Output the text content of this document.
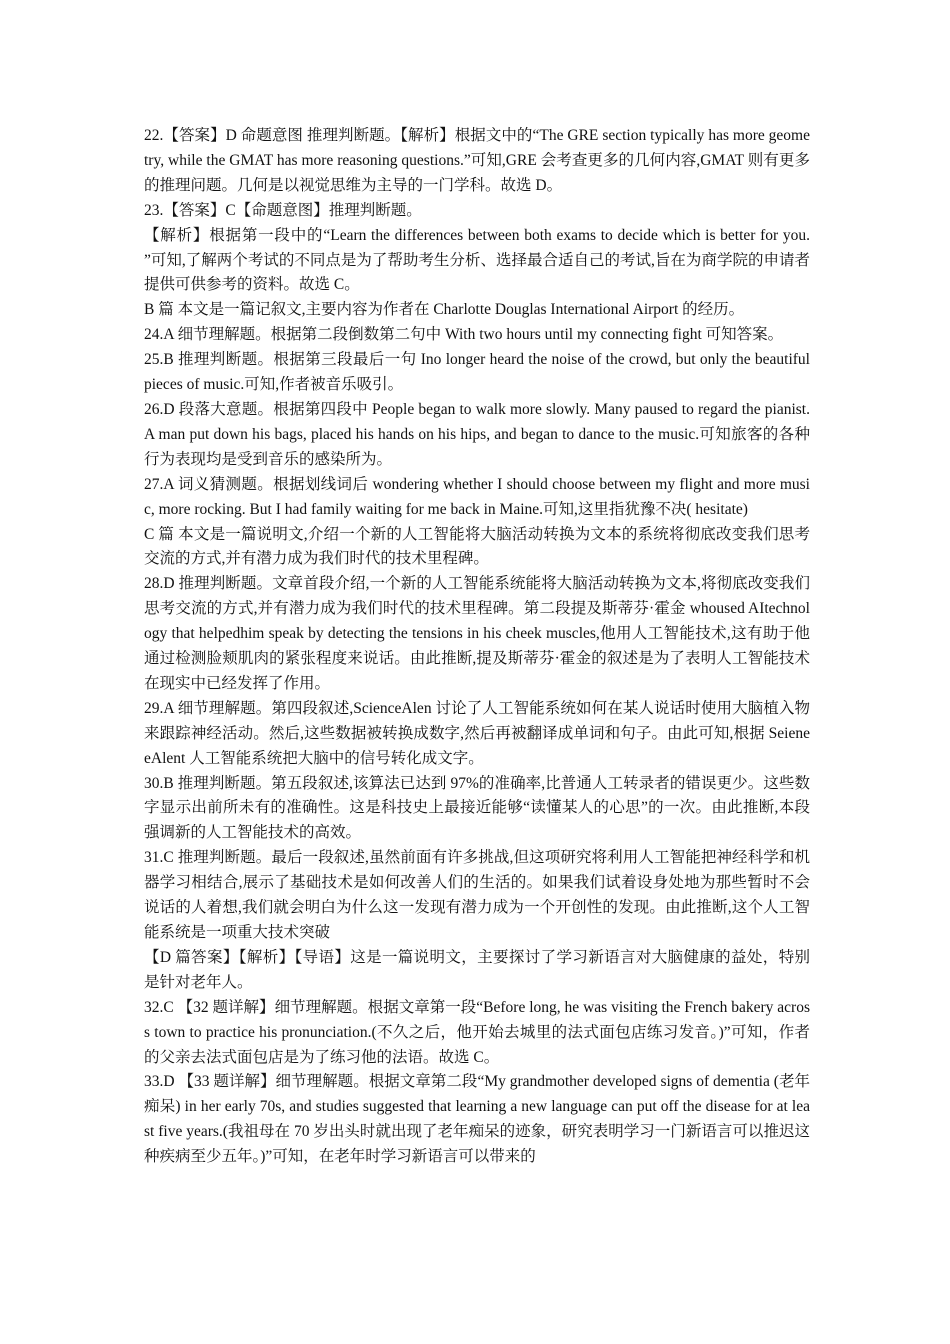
22.【答案】D 命题意图 推理判断题。【解析】根据文中的“The GRE section typically has more geometry, while the GMAT has more reasoning questions.”可知,GRE 会考查更多的几何内容,GMAT 则有更多的推理问题。几何是以视觉思维为主导的一门学科。故选 D。

23.【答案】C【命题意图】推理判断题。

【解析】根据第一段中的“Learn the differences between both exams to decide which is better for you. ”可知,了解两个考试的不同点是为了帮助考生分析、选择最合适自己的考试,旨在为商学院的申请者提供可供参考的资料。故选 C。

B 篇 本文是一篇记叙文,主要内容为作者在 Charlotte Douglas International Airport 的经历。

24.A 细节理解题。根据第二段倒数第二句中 With two hours until my connecting fight 可知答案。

25.B 推理判断题。根据第三段最后一句 Ino longer heard the noise of the crowd, but only the beautiful pieces of music.可知,作者被音乐吸引。

26.D 段落大意题。根据第四段中 People began to walk more slowly. Many paused to regard the pianist. A man put down his bags, placed his hands on his hips, and began to dance to the music.可知旅客的各种行为表现均是受到音乐的感染所为。

27.A 词义猜测题。根据划线词后 wondering whether I should choose between my flight and more music, more rocking. But I had family waiting for me back in Maine.可知,这里指犹豫不决( hesitate)

C 篇 本文是一篇说明文,介绍一个新的人工智能将大脑活动转换为文本的系统将彻底改变我们思考交流的方式,并有潜力成为我们时代的技术里程碑。

28.D 推理判断题。文章首段介绍,一个新的人工智能系统能将大脑活动转换为文本,将彻底改变我们思考交流的方式,并有潜力成为我们时代的技术里程碑。第二段提及斯蒂芬·霍金 whoused AItechnology that helpedhim speak by detecting the tensions in his cheek muscles,他用人工智能技术,这有助于他通过检测脸颊肌肉的紧张程度来说话。由此推断,提及斯蒂芬·霍金的叙述是为了表明人工智能技术在现实中已经发挥了作用。

29.A 细节理解题。第四段叙述,ScienceAlen 讨论了人工智能系统如何在某人说话时使用大脑植入物来跟踪神经活动。然后,这些数据被转换成数字,然后再被翻译成单词和句子。由此可知,根据 SeieneeAlent 人工智能系统把大脑中的信号转化成文字。

30.B 推理判断题。第五段叙述,该算法已达到 97%的准确率,比普通人工转录者的错误更少。这些数字显示出前所未有的准确性。这是科技史上最接近能够“读懂某人的心思”的一次。由此推断,本段强调新的人工智能技术的高效。

31.C 推理判断题。最后一段叙述,虽然前面有许多挑战,但这项研究将利用人工智能把神经科学和机器学习相结合,展示了基础技术是如何改善人们的生活的。如果我们试着设身处地为那些暂时不会说话的人着想,我们就会明白为什么这一发现有潜力成为一个开创性的发现。由此推断,这个人工智能系统是一项重大技术突破

【D 篇答案】【解析】【导语】这是一篇说明文，主要探讨了学习新语言对大脑健康的益处，特别是针对老年人。

32.C 【32 题详解】细节理解题。根据文章第一段“Before long, he was visiting the French bakery across town to practice his pronunciation.(不久之后，他开始去城里的法式面包店练习发音。)”可知，作者的父亲去法式面包店是为了练习他的法语。故选 C。

33.D 【33 题详解】细节理解题。根据文章第二段“My grandmother developed signs of dementia (老年痴呆) in her early 70s, and studies suggested that learning a new language can put off the disease for at least five years.(我祖母在 70 岁出头时就出现了老年痴呆的迹象，研究表明学习一门新语言可以推迟这种疾病至少五年。)”可知，在老年时学习新语言可以带来的
